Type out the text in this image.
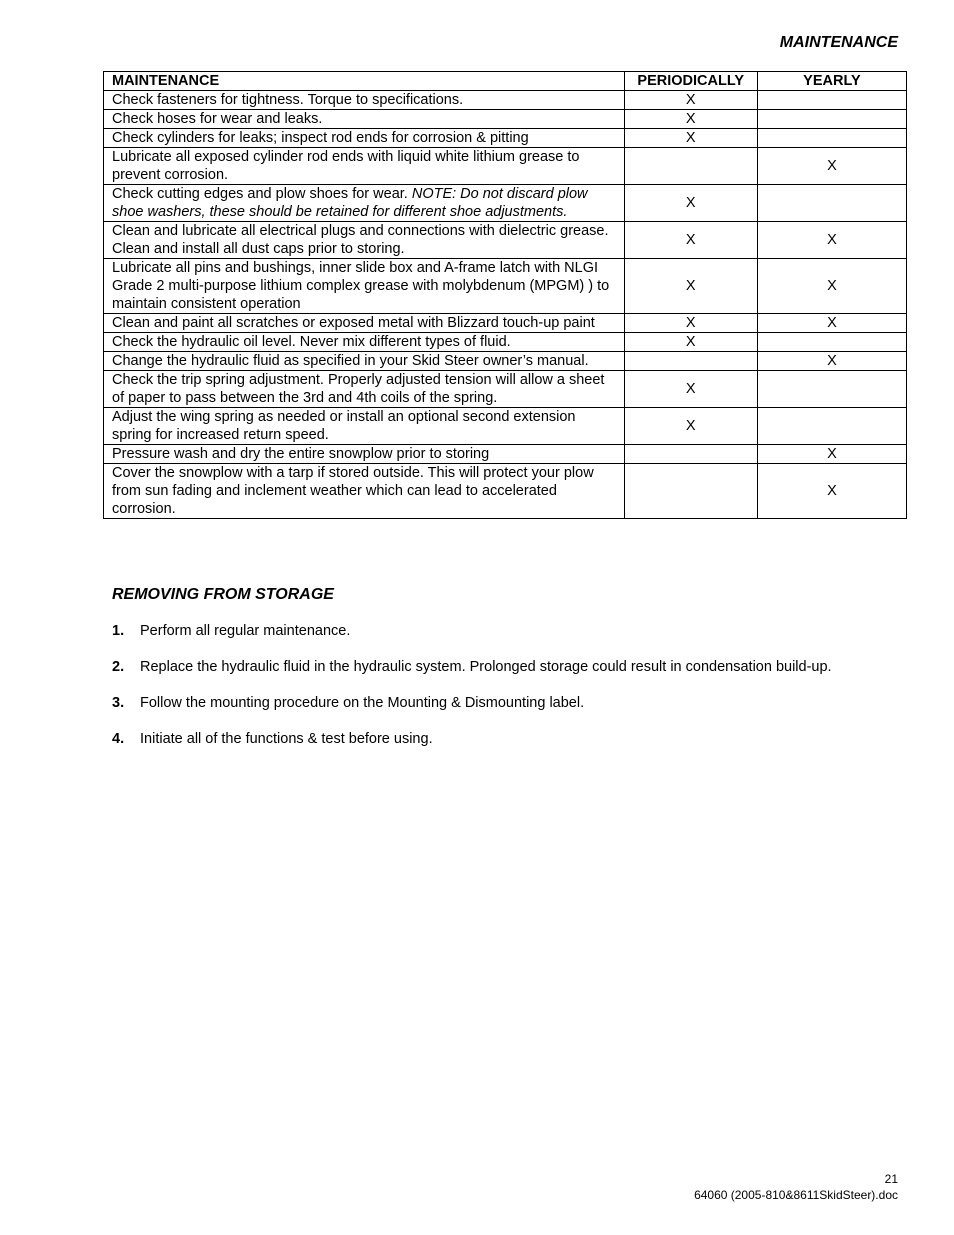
MAINTENANCE
MAINTENANCE	PERIODICALLY	YEARLY
Check fasteners for tightness. Torque to specifications.	X	
Check hoses for wear and leaks.	X	
Check cylinders for leaks; inspect rod ends for corrosion & pitting	X	
Lubricate all exposed cylinder rod ends with liquid white lithium grease to prevent corrosion.		X
Check cutting edges and plow shoes for wear. NOTE: Do not discard plow shoe washers, these should be retained for different shoe adjustments.	X	
Clean and lubricate all electrical plugs and connections with dielectric grease. Clean and install all dust caps prior to storing.	X	X
Lubricate all pins and bushings, inner slide box and A-frame latch with NLGI Grade 2 multi-purpose lithium complex grease with molybdenum (MPGM) ) to maintain consistent operation	X	X
Clean and paint all scratches or exposed metal with Blizzard touch-up paint	X	X
Check the hydraulic oil level. Never mix different types of fluid.	X	
Change the hydraulic fluid as specified in your Skid Steer owner’s manual.		X
Check the trip spring adjustment. Properly adjusted tension will allow a sheet of paper to pass between the 3rd and 4th coils of the spring.	X	
Adjust the wing spring as needed or install an optional second extension spring for increased return speed.	X	
Pressure wash and dry the entire snowplow prior to storing		X
Cover the snowplow with a tarp if stored outside. This will protect your plow from sun fading and inclement weather which can lead to accelerated corrosion.		X
REMOVING FROM STORAGE
1.	Perform all regular maintenance.
2.	Replace the hydraulic fluid in the hydraulic system. Prolonged storage could result in condensation build-up.
3.	Follow the mounting procedure on the Mounting & Dismounting label.
4.	Initiate all of the functions & test before using.
21
64060 (2005-810&8611SkidSteer).doc
